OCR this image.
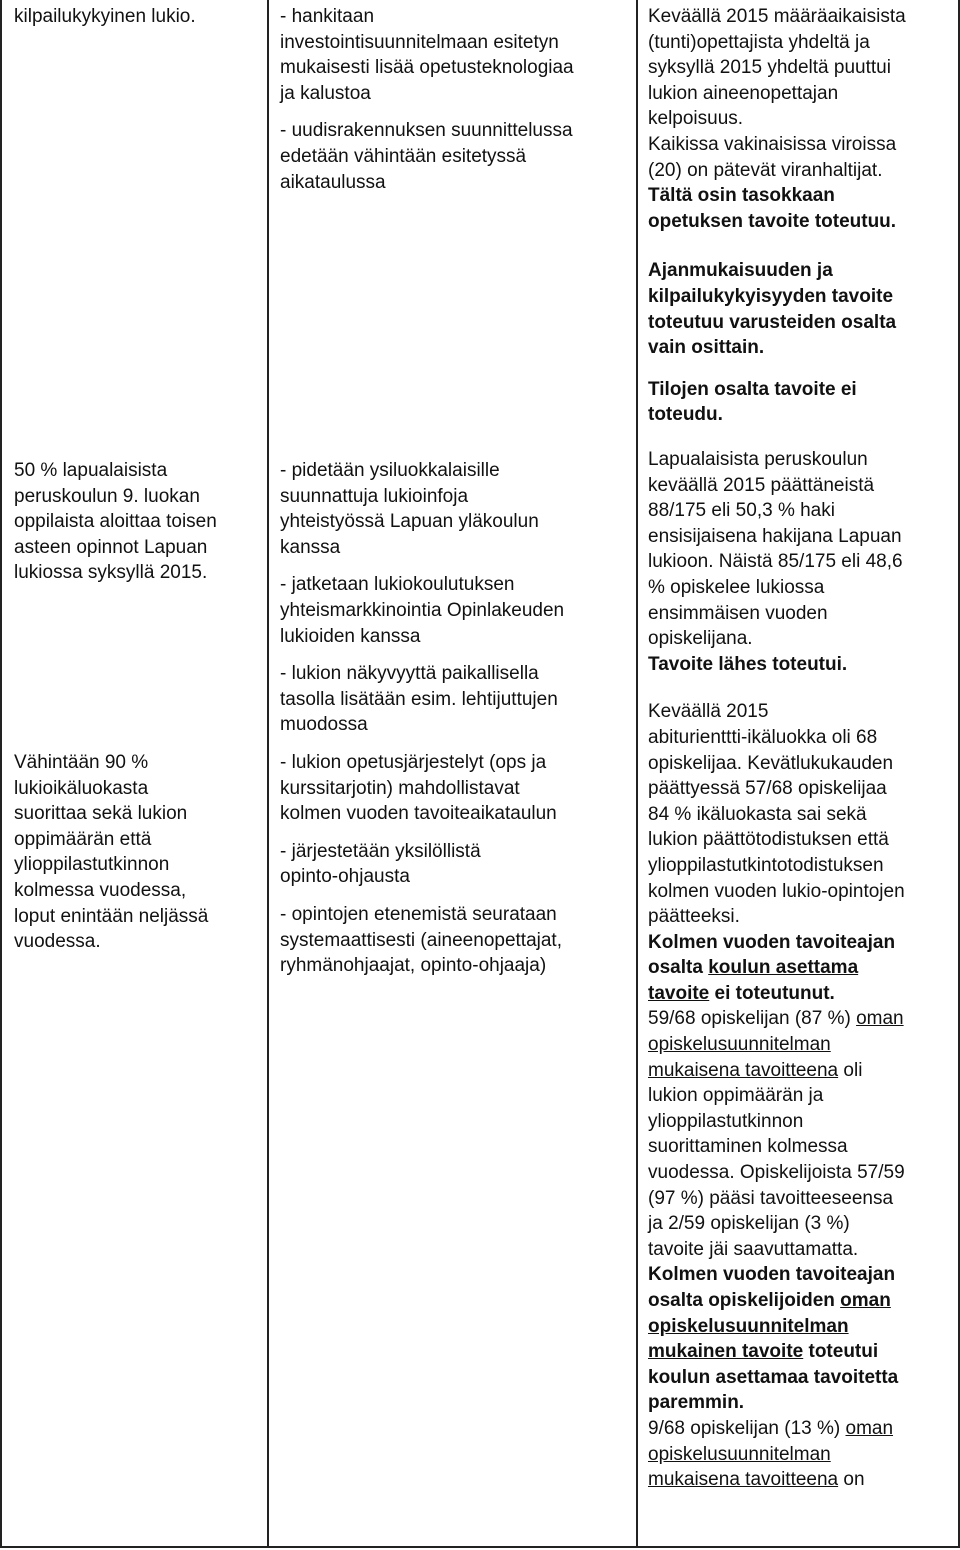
kilpailukykyinen lukio.	- hankitaan
investointisuunnitelmaan esitetyn
mukaisesti lisää opetusteknologiaa
ja kalustoa

- uudisrakennuksen suunnittelussa
edetään vähintään esitetyssä
aikataulussa

Keväällä 2015 määräaikaisista
(tunti)opettajista yhdeltä ja
syksyllä 2015 yhdeltä puuttui
lukion aineenopettajan
kelpoisuus.
Kaikissa vakinaisissa viroissa
(20) on pätevät viranhaltijat.

Tältä osin tasokkaan
opetuksen tavoite toteutuu.

Ajanmukaisuuden ja
kilpailukykyisyyden tavoite
toteutuu varusteiden osalta
vain osittain.

Tilojen osalta tavoite ei
toteudu.

50 % lapualaisista
peruskoulun 9. luokan
oppilaista aloittaa toisen
asteen opinnot Lapuan
lukiossa syksyllä 2015.

Vähintään 90 %
lukioikäluokasta
suorittaa sekä lukion
oppimäärän että
ylioppilastutkinnon
kolmessa vuodessa,
loput enintään neljässä
vuodessa.

- pidetään ysiluokkalaisille
suunnattuja lukioinfoja
yhteistyössä Lapuan yläkoulun
kanssa

- jatketaan lukiokoulutuksen
yhteismarkkinointia Opinlakeuden
lukioiden kanssa

- lukion näkyvyyttä paikallisella
tasolla lisätään esim. lehtijuttujen
muodossa

- lukion opetusjärjestelyt (ops ja
kurssitarjotin) mahdollistavat
kolmen vuoden tavoiteaikataulun

- järjestetään yksilöllistä
opinto-ohjausta

- opintojen etenemistä seurataan
systemaattisesti (aineenopettajat,
ryhmänohjaajat, opinto-ohjaaja)

Lapualaisista peruskoulun
keväällä 2015 päättäneistä
88/175 eli 50,3 % haki
ensisijaisena hakijana Lapuan
lukioon. Näistä 85/175 eli 48,6
% opiskelee lukiossa
ensimmäisen vuoden
opiskelijana.

Tavoite lähes toteutui.

Keväällä 2015
abiturienttti-ikäluokka oli 68
opiskelijaa. Kevätlukukauden
päättyessä 57/68 opiskelijaa
84 % ikäluokasta sai sekä
lukion päättötodistuksen että
ylioppilastutkintotodistuksen
kolmen vuoden lukio-opintojen
päätteeksi.

Kolmen vuoden tavoiteajan
osalta koulun asettama
tavoite ei toteutunut.

59/68 opiskelijan (87 %) oman
opiskelusuunnitelman
mukaisena tavoitteena oli
lukion oppimäärän ja
ylioppilastutkinnon
suorittaminen kolmessa
vuodessa. Opiskelijoista 57/59
(97 %) pääsi tavoitteeseensa
ja 2/59 opiskelijan (3 %)
tavoite jäi saavuttamatta.

Kolmen vuoden tavoiteajan
osalta opiskelijoiden oman
opiskelusuunnitelman
mukainen tavoite toteutui
koulun asettamaa tavoitetta
paremmin.

9/68 opiskelijan (13 %) oman
opiskelusuunnitelman
mukaisena tavoitteena on
